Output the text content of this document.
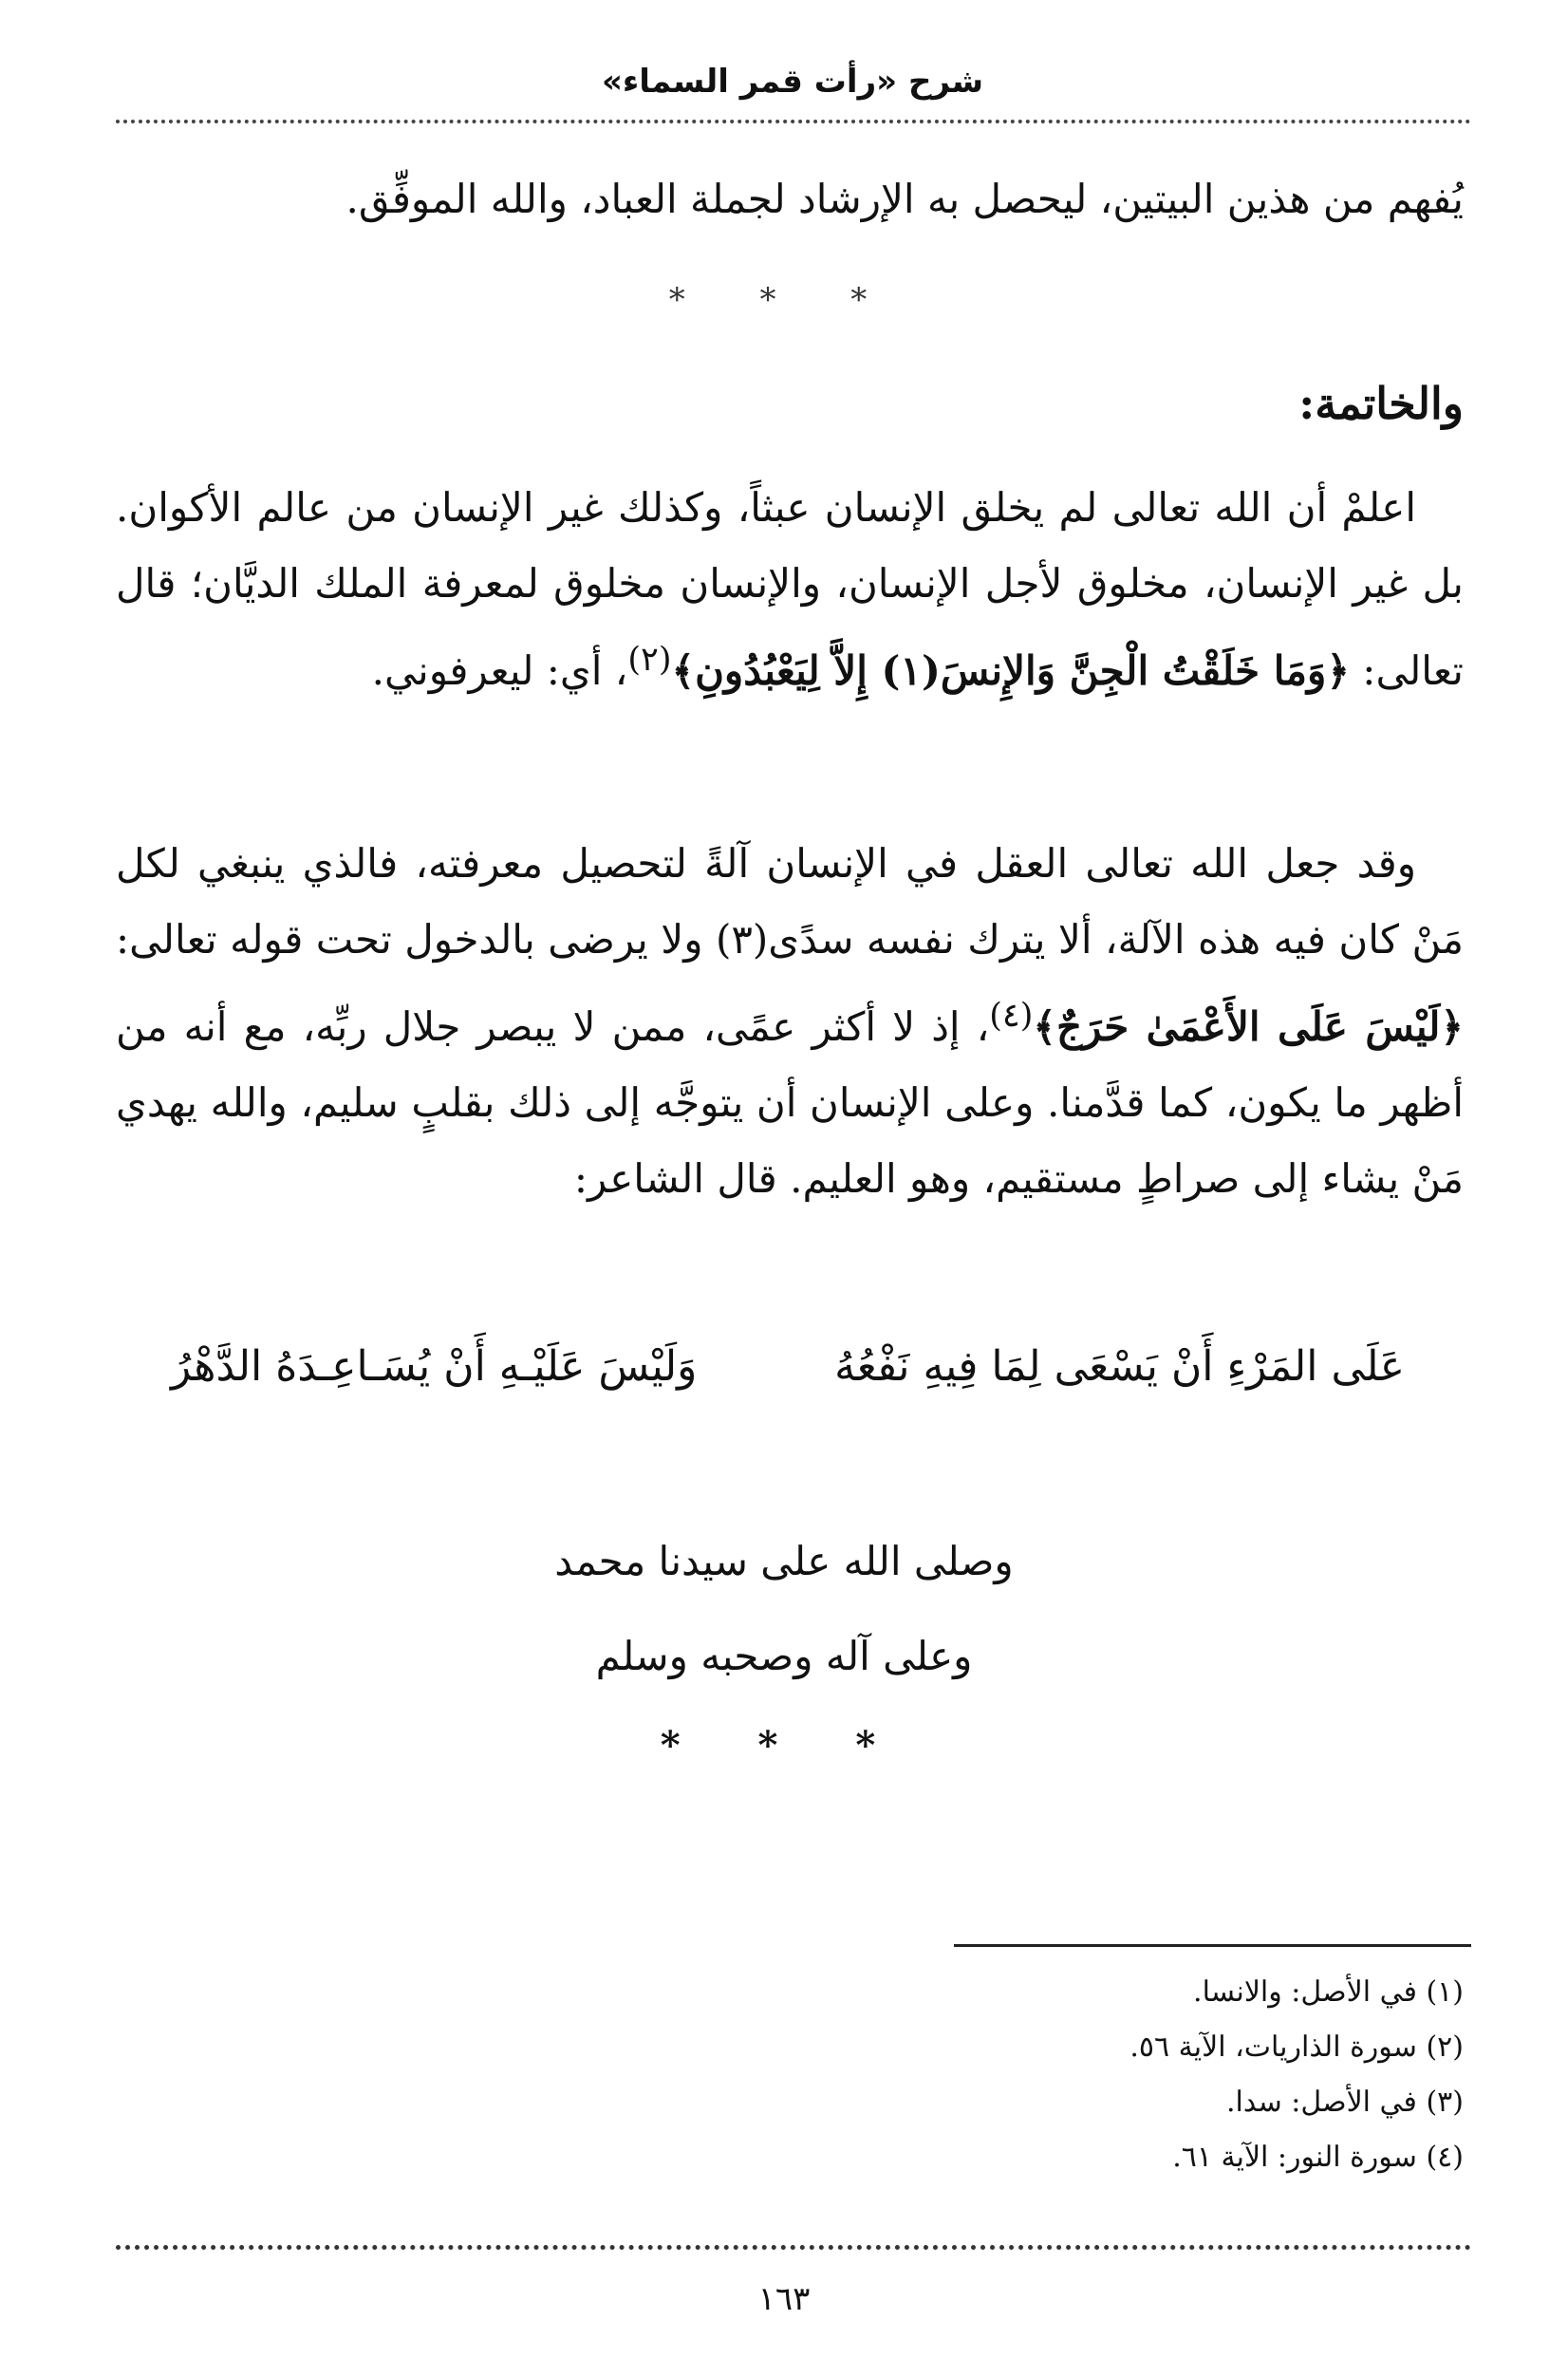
شرح «رأت قمر السماء»
يُفهم من هذين البيتين، ليحصل به الإرشاد لجملة العباد، والله الموفِّق.
* * *
والخاتمة:
اعلمْ أن الله تعالى لم يخلق الإنسان عبثاً، وكذلك غير الإنسان من عالم الأكوان. بل غير الإنسان، مخلوق لأجل الإنسان، والإنسان مخلوق لمعرفة الملك الديَّان؛ قال تعالى: ﴿وَمَا خَلَقْتُ الْجِنَّ وَالإِنسَ(١) إِلاَّ لِيَعْبُدُونِ﴾$^{(٢)}$، أي: ليعرفوني.
وقد جعل الله تعالى العقل في الإنسان آلةً لتحصيل معرفته، فالذي ينبغي لكل مَنْ كان فيه هذه الآلة، ألا يترك نفسه سدًى(٣) ولا يرضى بالدخول تحت قوله تعالى: ﴿لَيْسَ عَلَى الأَعْمَىٰ حَرَجٌ﴾$^{(٤)}$، إذ لا أكثر عمًى، ممن لا يبصر جلال ربِّه، مع أنه من أظهر ما يكون، كما قدَّمنا. وعلى الإنسان أن يتوجَّه إلى ذلك بقلبٍ سليم، والله يهدي مَنْ يشاء إلى صراطٍ مستقيم، وهو العليم. قال الشاعر:
عَلَى المَرْءِ أَنْ يَسْعَى لِمَا فِيهِ نَفْعُهُ
وَلَيْسَ عَلَيْـهِ أَنْ يُسَـاعِـدَهُ الدَّهْرُ
وصلى الله على سيدنا محمد
وعلى آله وصحبه وسلم
* * *
(١) في الأصل: والانسا.
(٢) سورة الذاريات، الآية ٥٦.
(٣) في الأصل: سدا.
(٤) سورة النور: الآية ٦١.
١٦٣
